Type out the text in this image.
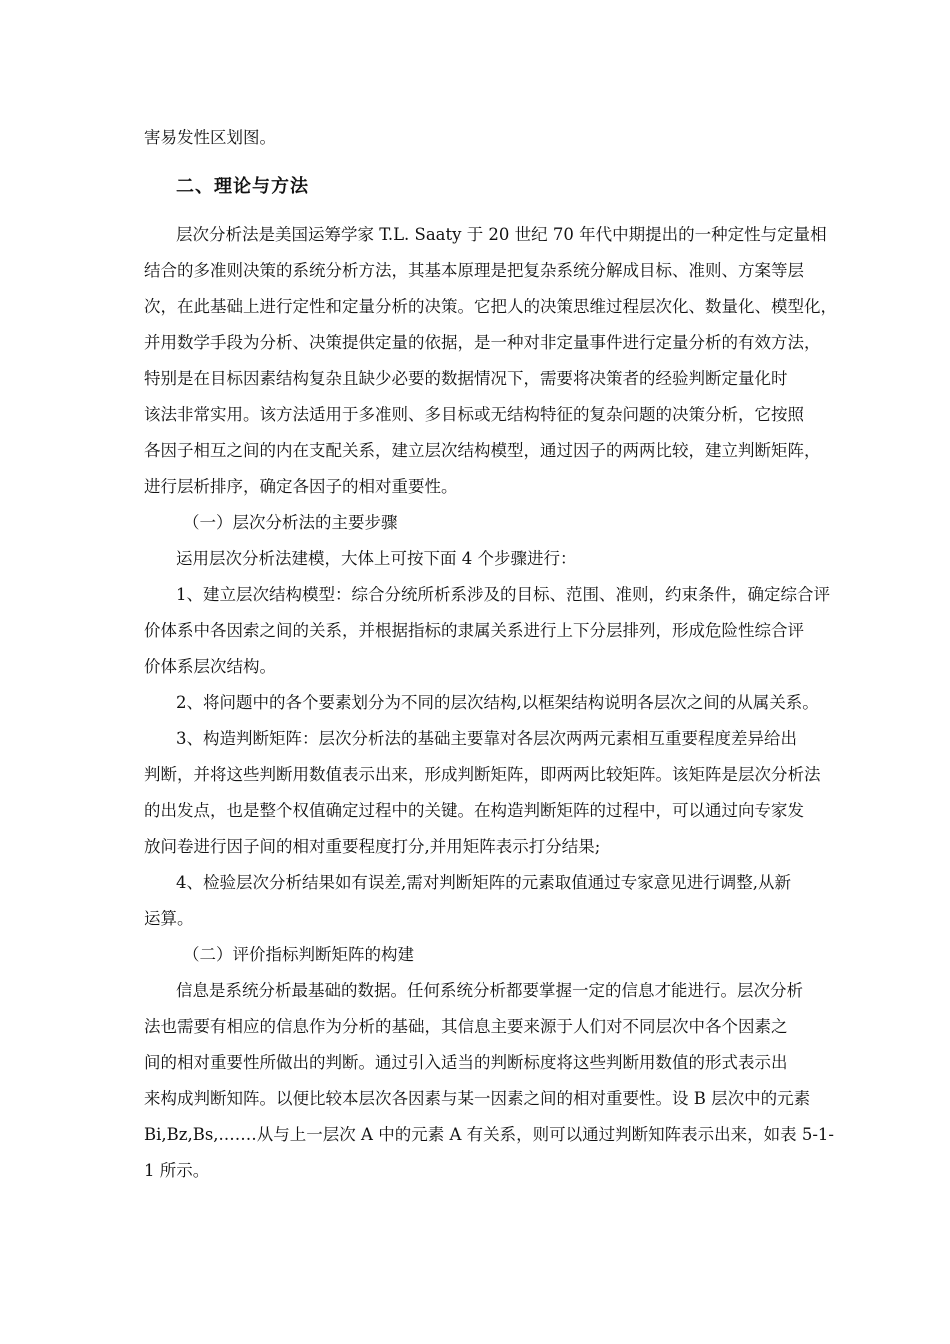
害易发性区划图。
二、理论与方法
层次分析法是美国运筹学家 T.L. Saaty 于 20 世纪 70 年代中期提出的一种定性与定量相
结合的多准则决策的系统分析方法，其基本原理是把复杂系统分解成目标、准则、方案等层
次，在此基础上进行定性和定量分析的决策。它把人的决策思维过程层次化、数量化、模型化，
并用数学手段为分析、决策提供定量的依据，是一种对非定量事件进行定量分析的有效方法，
特别是在目标因素结构复杂且缺少必要的数据情况下，需要将决策者的经验判断定量化时
该法非常实用。该方法适用于多准则、多目标或无结构特征的复杂问题的决策分析，它按照
各因子相互之间的内在支配关系，建立层次结构模型，通过因子的两两比较，建立判断矩阵，
进行层析排序，确定各因子的相对重要性。
（一）层次分析法的主要步骤
运用层次分析法建模，大体上可按下面 4 个步骤进行：
1、建立层次结构模型：综合分统所析系涉及的目标、范围、准则，约束条件，确定综合评
价体系中各因索之间的关系，并根据指标的隶属关系进行上下分层排列，形成危险性综合评
价体系层次结构。
2、将问题中的各个要素划分为不同的层次结构,以框架结构说明各层次之间的从属关系。
3、构造判断矩阵：层次分析法的基础主要靠对各层次两两元素相互重要程度差异给出
判断，并将这些判断用数值表示出来，形成判断矩阵，即两两比较矩阵。该矩阵是层次分析法
的出发点，也是整个权值确定过程中的关键。在构造判断矩阵的过程中，可以通过向专家发
放问卷进行因子间的相对重要程度打分,并用矩阵表示打分结果;
4、检验层次分析结果如有误差,需对判断矩阵的元素取值通过专家意见进行调整,从新
运算。
（二）评价指标判断矩阵的构建
信息是系统分析最基础的数据。任何系统分析都要掌握一定的信息才能进行。层次分析
法也需要有相应的信息作为分析的基础，其信息主要来源于人们对不同层次中各个因素之
间的相对重要性所做出的判断。通过引入适当的判断标度将这些判断用数值的形式表示出
来构成判断知阵。以便比较本层次各因素与某一因素之间的相对重要性。设 B 层次中的元素
Bi,Bz,Bs,.……从与上一层次 A 中的元素 A 有关系，则可以通过判断知阵表示出来，如表 5-1-
1 所示。
